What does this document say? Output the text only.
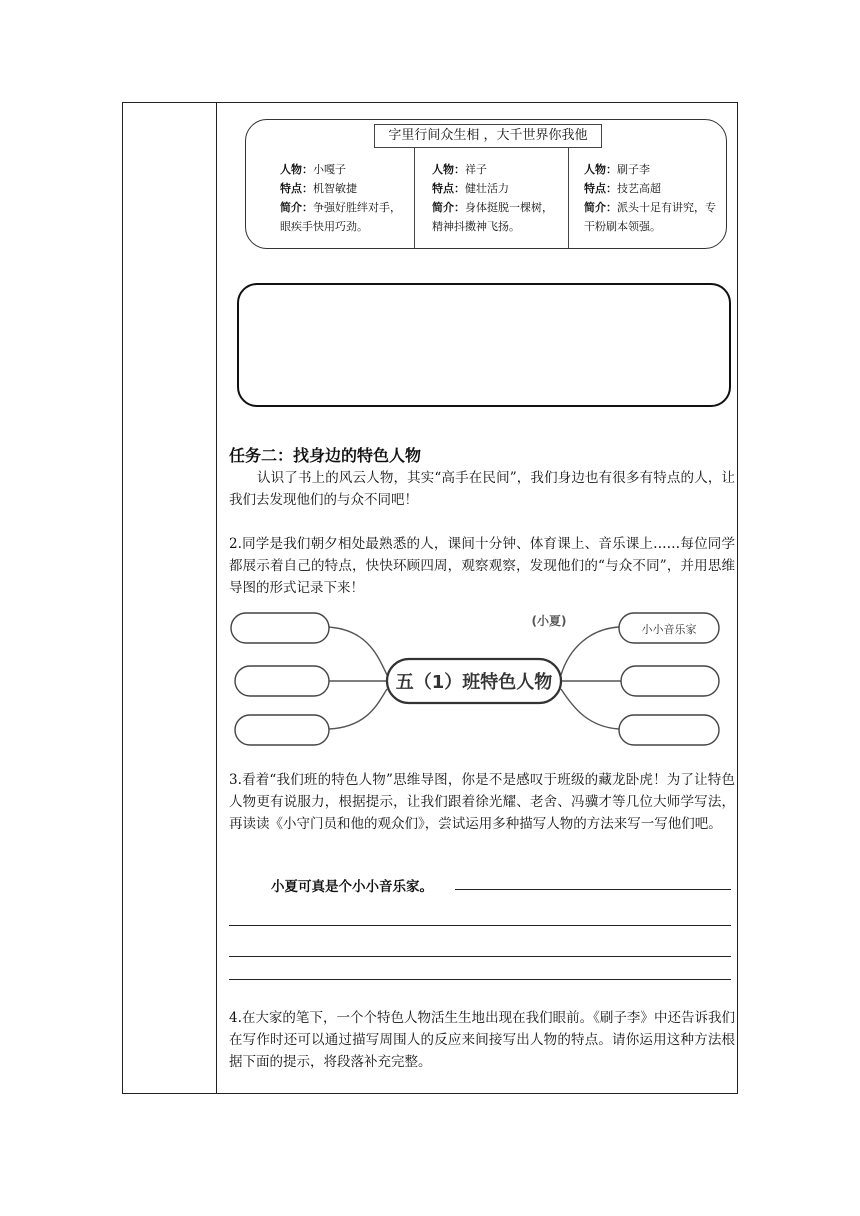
字里行间众生相 ，大千世界你我他
人物：小嘎子
特点：机智敏捷
简介：争强好胜绊对手，眼疾手快用巧劲。
人物：祥子
特点：健壮活力
简介：身体挺脱一棵树，精神抖擞神飞扬。
人物：刷子李
特点：技艺高超
简介：派头十足有讲究，专干粉刷本领强。
任务二：找身边的特色人物
认识了书上的风云人物，其实“高手在民间”，我们身边也有很多有特点的人，让我们去发现他们的与众不同吧！
2.同学是我们朝夕相处最熟悉的人，课间十分钟、体育课上、音乐课上……每位同学都展示着自己的特点，快快环顾四周，观察观察，发现他们的“与众不同”，并用思维导图的形式记录下来！
五（1）班特色人物
(小夏)
小小音乐家
3.看着“我们班的特色人物”思维导图，你是不是感叹于班级的藏龙卧虎！为了让特色人物更有说服力，根据提示，让我们跟着徐光耀、老舍、冯骥才等几位大师学写法，再读读《小守门员和他的观众们》，尝试运用多种描写人物的方法来写一写他们吧。
小夏可真是个小小音乐家。
4.在大家的笔下，一个个特色人物活生生地出现在我们眼前。《刷子李》中还告诉我们在写作时还可以通过描写周围人的反应来间接写出人物的特点。请你运用这种方法根据下面的提示，将段落补充完整。
